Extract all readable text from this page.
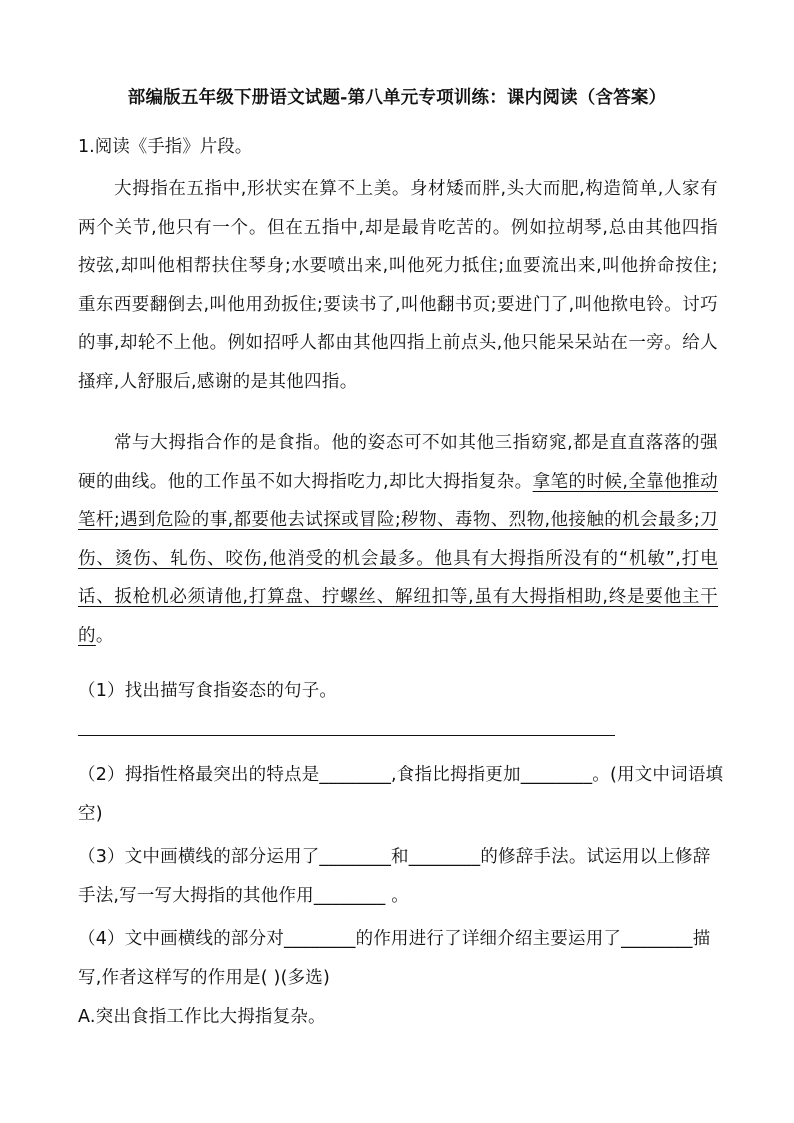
部编版五年级下册语文试题-第八单元专项训练：课内阅读（含答案）
1.阅读《手指》片段。
大拇指在五指中,形状实在算不上美。身材矮而胖,头大而肥,构造简单,人家有两个关节,他只有一个。但在五指中,却是最肯吃苦的。例如拉胡琴,总由其他四指按弦,却叫他相帮扶住琴身;水要喷出来,叫他死力抵住;血要流出来,叫他拚命按住;重东西要翻倒去,叫他用劲扳住;要读书了,叫他翻书页;要进门了,叫他揿电铃。讨巧的事,却轮不上他。例如招呼人都由其他四指上前点头,他只能呆呆站在一旁。给人搔痒,人舒服后,感谢的是其他四指。
常与大拇指合作的是食指。他的姿态可不如其他三指窈窕,都是直直落落的强硬的曲线。他的工作虽不如大拇指吃力,却比大拇指复杂。拿笔的时候,全靠他推动笔杆;遇到危险的事,都要他去试探或冒险;秽物、毒物、烈物,他接触的机会最多;刀伤、烫伤、轧伤、咬伤,他消受的机会最多。他具有大拇指所没有的“机敏”,打电话、扳枪机必须请他,打算盘、拧螺丝、解纽扣等,虽有大拇指相助,终是要他主干的。
（1）找出描写食指姿态的句子。
（2）拇指性格最突出的特点是________,食指比拇指更加________。(用文中词语填空)
（3）文中画横线的部分运用了________和________的修辞手法。试运用以上修辞手法,写一写大拇指的其他作用________ 。
（4）文中画横线的部分对________的作用进行了详细介绍主要运用了________描写,作者这样写的作用是( )(多选)
A.突出食指工作比大拇指复杂。
